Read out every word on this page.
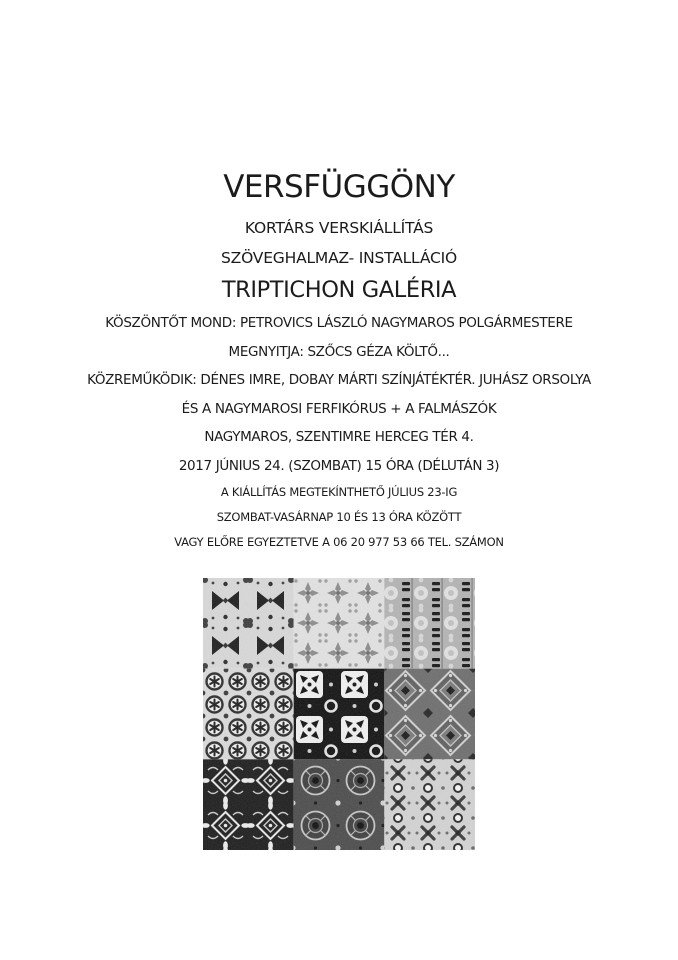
VERSFÜGGÖNY
KORTÁRS VERSKIÁLLÍTÁS
SZÖVEGHALMAZ- INSTALLÁCIÓ
TRIPTICHON GALÉRIA
KÖSZÖNTŐT MOND: PETROVICS LÁSZLÓ NAGYMAROS POLGÁRMESTERE
MEGNYITJA: SZŐCS GÉZA KÖLTŐ...
KÖZREMŰKÖDIK: DÉNES IMRE, DOBAY MÁRTI SZÍNJÁTÉKTÉR. JUHÁSZ ORSOLYA
ÉS A NAGYMAROSI FERFIKÓRUS + A FALMÁSZÓK
NAGYMAROS, SZENTIMRE HERCEG TÉR 4.
2017 JÚNIUS 24. (SZOMBAT) 15 ÓRA (DÉLUTÁN 3)
A KIÁLLÍTÁS MEGTEKÍNTHETŐ JÚLIUS 23-IG
SZOMBAT-VASÁRNAP 10 ÉS 13 ÓRA KÖZÖTT
VAGY ELŐRE EGYEZTETVE A 06 20 977 53 66 TEL. SZÁMON
